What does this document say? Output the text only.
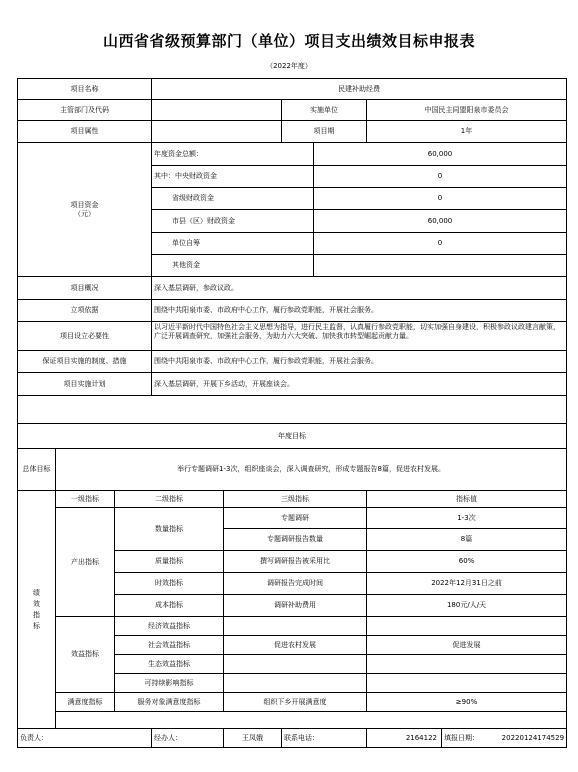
山西省省级预算部门（单位）项目支出绩效目标申报表
（2022年度）
项目名称			民建补助经费					
主管部门及代码					实施单位		中国民主同盟阳泉市委员会	
项目属性					项目期		1年	

项目资金
（元）			年度资金总额：			60,000		
			其中：中央财政资金			0		
			省级财政资金			0		
			市县（区）财政资金			60,000		
			单位自筹			0		
			其他资金					
项目概况			深入基层调研，参政议政。					
立项依据			围绕中共阳泉市委、市政府中心工作，履行参政党职能，开展社会服务。					
项目设立必要性			以习近平新时代中国特色社会主义思想为指导，进行民主监督，认真履行参政党职能，切实加强自身建设，积极参政议政建言献策，广泛开展调查研究，加强社会服务，为助力六大突破、加快我市转型崛起贡献力量。					

保证项目实施的制度、措施			围绕中共阳泉市委、市政府中心工作，履行参政党职能，开展社会服务。					
项目实施计划			深入基层调研，开展下乡活动，开展座谈会。					

年度目标								
总体目标	举行专题调研1-3次，组织座谈会，深入调查研究，形成专题报告8篇，促进农村发展。							

绩效指标	一级指标	二级指标		三级指标			指标值	
	产出指标	数量指标		专题调研			1-3次	
				专题调研报告数量			8篇	
		质量指标		撰写调研报告被采用比			60%	
		时效指标		调研报告完成时间			2022年12月31日之前	
		成本指标		调研补助费用			180元/人/天	
	效益指标	经济效益指标						
		社会效益指标		促进农村发展			促进发展	
		生态效益指标						
		可持续影响指标						
	满意度指标	服务对象满意度指标		组织下乡开展满意度			≥90%	

负责人：			经办人：	王凤娥	联系电话：		2164122	填报日期： 20220124174529
